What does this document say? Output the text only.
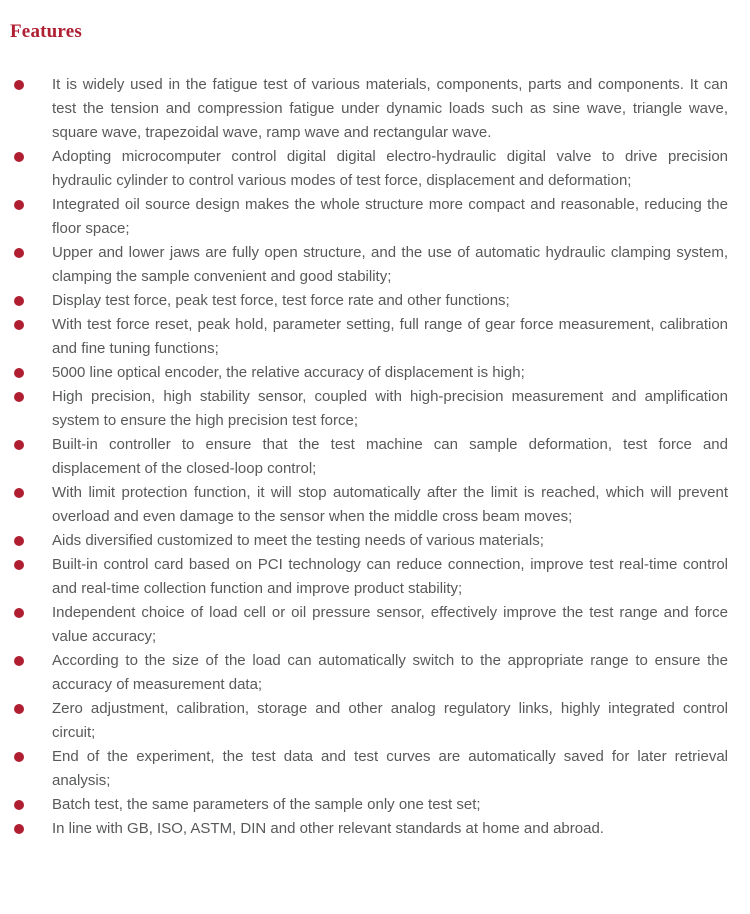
Features
It is widely used in the fatigue test of various materials, components, parts and components. It can test the tension and compression fatigue under dynamic loads such as sine wave, triangle wave, square wave, trapezoidal wave, ramp wave and rectangular wave.
Adopting microcomputer control digital digital electro-hydraulic digital valve to drive precision hydraulic cylinder to control various modes of test force, displacement and deformation;
Integrated oil source design makes the whole structure more compact and reasonable, reducing the floor space;
Upper and lower jaws are fully open structure, and the use of automatic hydraulic clamping system, clamping the sample convenient and good stability;
Display test force, peak test force, test force rate and other functions;
With test force reset, peak hold, parameter setting, full range of gear force measurement, calibration and fine tuning functions;
5000 line optical encoder, the relative accuracy of displacement is high;
High precision, high stability sensor, coupled with high-precision measurement and amplification system to ensure the high precision test force;
Built-in controller to ensure that the test machine can sample deformation, test force and displacement of the closed-loop control;
With limit protection function, it will stop automatically after the limit is reached, which will prevent overload and even damage to the sensor when the middle cross beam moves;
Aids diversified customized to meet the testing needs of various materials;
Built-in control card based on PCI technology can reduce connection, improve test real-time control and real-time collection function and improve product stability;
Independent choice of load cell or oil pressure sensor, effectively improve the test range and force value accuracy;
According to the size of the load can automatically switch to the appropriate range to ensure the accuracy of measurement data;
Zero adjustment, calibration, storage and other analog regulatory links, highly integrated control circuit;
End of the experiment, the test data and test curves are automatically saved for later retrieval analysis;
Batch test, the same parameters of the sample only one test set;
In line with GB, ISO, ASTM, DIN and other relevant standards at home and abroad.
